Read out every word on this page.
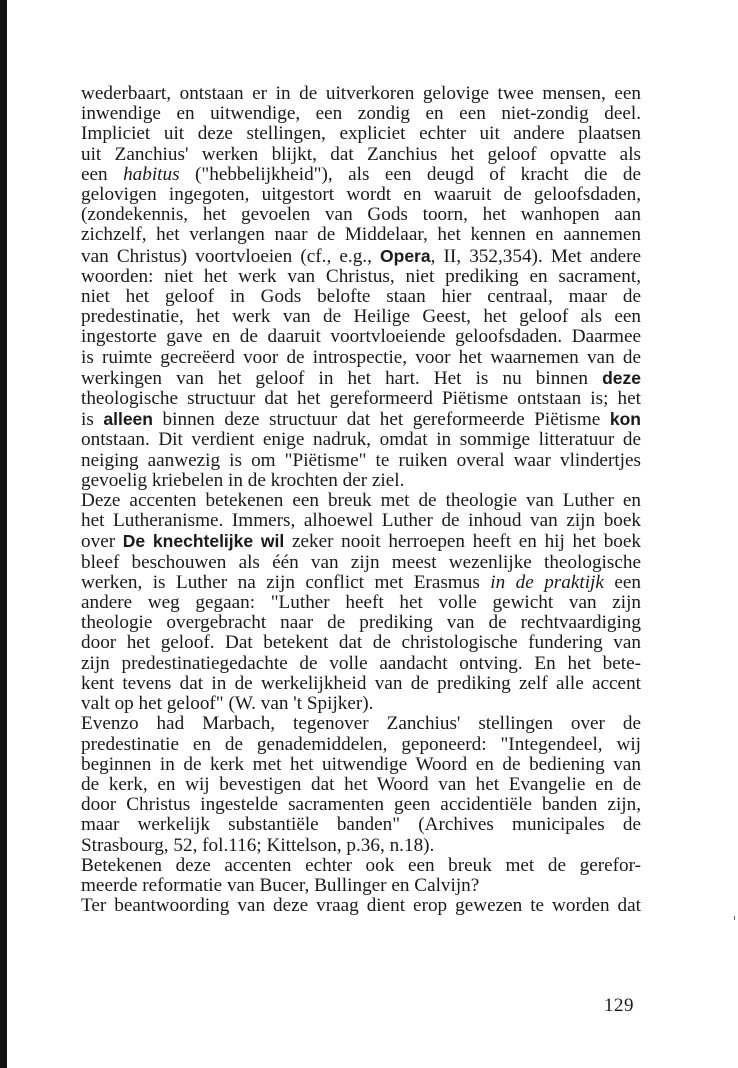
wederbaart, ontstaan er in de uitverkoren gelovige twee mensen, een
inwendige en uitwendige, een zondig en een niet-zondig deel.
Impliciet uit deze stellingen, expliciet echter uit andere plaatsen
uit Zanchius' werken blijkt, dat Zanchius het geloof opvatte als
een habitus ("hebbelijkheid"), als een deugd of kracht die de
gelovigen ingegoten, uitgestort wordt en waaruit de geloofsdaden,
(zondekennis, het gevoelen van Gods toorn, het wanhopen aan
zichzelf, het verlangen naar de Middelaar, het kennen en aannemen
van Christus) voortvloeien (cf., e.g., Opera, II, 352,354). Met andere
woorden: niet het werk van Christus, niet prediking en sacrament,
niet het geloof in Gods belofte staan hier centraal, maar de
predestinatie, het werk van de Heilige Geest, het geloof als een
ingestorte gave en de daaruit voortvloeiende geloofsdaden. Daarmee
is ruimte gecreëerd voor de introspectie, voor het waarnemen van de
werkingen van het geloof in het hart. Het is nu binnen deze
theologische structuur dat het gereformeerd Piëtisme ontstaan is; het
is alleen binnen deze structuur dat het gereformeerde Piëtisme kon
ontstaan. Dit verdient enige nadruk, omdat in sommige litteratuur de
neiging aanwezig is om "Piëtisme" te ruiken overal waar vlindertjes
gevoelig kriebelen in de krochten der ziel.
Deze accenten betekenen een breuk met de theologie van Luther en
het Lutheranisme. Immers, alhoewel Luther de inhoud van zijn boek
over De knechtelijke wil zeker nooit herroepen heeft en hij het boek
bleef beschouwen als één van zijn meest wezenlijke theologische
werken, is Luther na zijn conflict met Erasmus in de praktijk een
andere weg gegaan: "Luther heeft het volle gewicht van zijn
theologie overgebracht naar de prediking van de rechtvaardiging
door het geloof. Dat betekent dat de christologische fundering van
zijn predestinatiegedachte de volle aandacht ontving. En het bete-
kent tevens dat in de werkelijkheid van de prediking zelf alle accent
valt op het geloof" (W. van 't Spijker).
Evenzo had Marbach, tegenover Zanchius' stellingen over de
predestinatie en de genademiddelen, geponeerd: "Integendeel, wij
beginnen in de kerk met het uitwendige Woord en de bediening van
de kerk, en wij bevestigen dat het Woord van het Evangelie en de
door Christus ingestelde sacramenten geen accidentiële banden zijn,
maar werkelijk substantiële banden" (Archives municipales de
Strasbourg, 52, fol.116; Kittelson, p.36, n.18).
Betekenen deze accenten echter ook een breuk met de gerefor-
meerde reformatie van Bucer, Bullinger en Calvijn?
Ter beantwoording van deze vraag dient erop gewezen te worden dat
129
